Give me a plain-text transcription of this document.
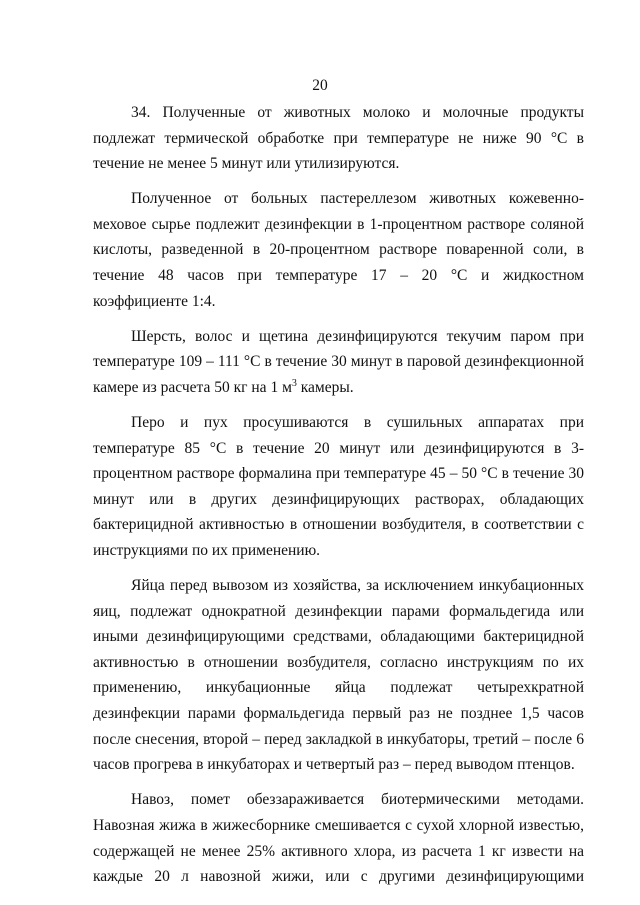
20

34. Полученные от животных молоко и молочные продукты подлежат термической обработке при температуре не ниже 90 °С в течение не менее 5 минут или утилизируются.

Полученное от больных пастереллезом животных кожевенно-меховое сырье подлежит дезинфекции в 1-процентном растворе соляной кислоты, разведенной в 20-процентном растворе поваренной соли, в течение 48 часов при температуре 17 – 20 °С и жидкостном коэффициенте 1:4.

Шерсть, волос и щетина дезинфицируются текучим паром при температуре 109 – 111 °С в течение 30 минут в паровой дезинфекционной камере из расчета 50 кг на 1 $м^3$ камеры.

Перо и пух просушиваются в сушильных аппаратах при температуре 85 °С в течение 20 минут или дезинфицируются в 3-процентном растворе формалина при температуре 45 – 50 °С в течение 30 минут или в других дезинфицирующих растворах, обладающих бактерицидной активностью в отношении возбудителя, в соответствии с инструкциями по их применению.

Яйца перед вывозом из хозяйства, за исключением инкубационных яиц, подлежат однократной дезинфекции парами формальдегида или иными дезинфицирующими средствами, обладающими бактерицидной активностью в отношении возбудителя, согласно инструкциям по их применению, инкубационные яйца подлежат четырехкратной дезинфекции парами формальдегида первый раз не позднее 1,5 часов после снесения, второй – перед закладкой в инкубаторы, третий – после 6 часов прогрева в инкубаторах и четвертый раз – перед выводом птенцов.

Навоз, помет обеззараживается биотермическими методами. Навозная жижа в жижесборнике смешивается с сухой хлорной известью, содержащей не менее 25% активного хлора, из расчета 1 кг извести на каждые 20 л навозной жижи, или с другими дезинфицирующими
